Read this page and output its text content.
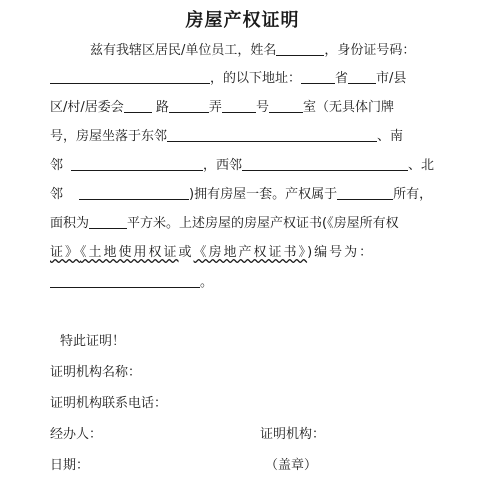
房屋产权证明
兹有我辖区居民/单位员工，姓名	，身份证号码：
，的以下地址：	省 市/县
区/村/居委会 路	弄	号	室（无具体门牌
号，房屋坐落于东邻	、南
邻	，西邻	、北
邻	)拥有房屋一套。产权属于	所有，
面积为	平方米。上述房屋的房屋产权证书(《房屋所有权
证》《土地使用权证或《房地产权证书》)编号为：
。
特此证明！
证明机构名称：
证明机构联系电话：
经办人：	证明机构：
日期：	（盖章）
